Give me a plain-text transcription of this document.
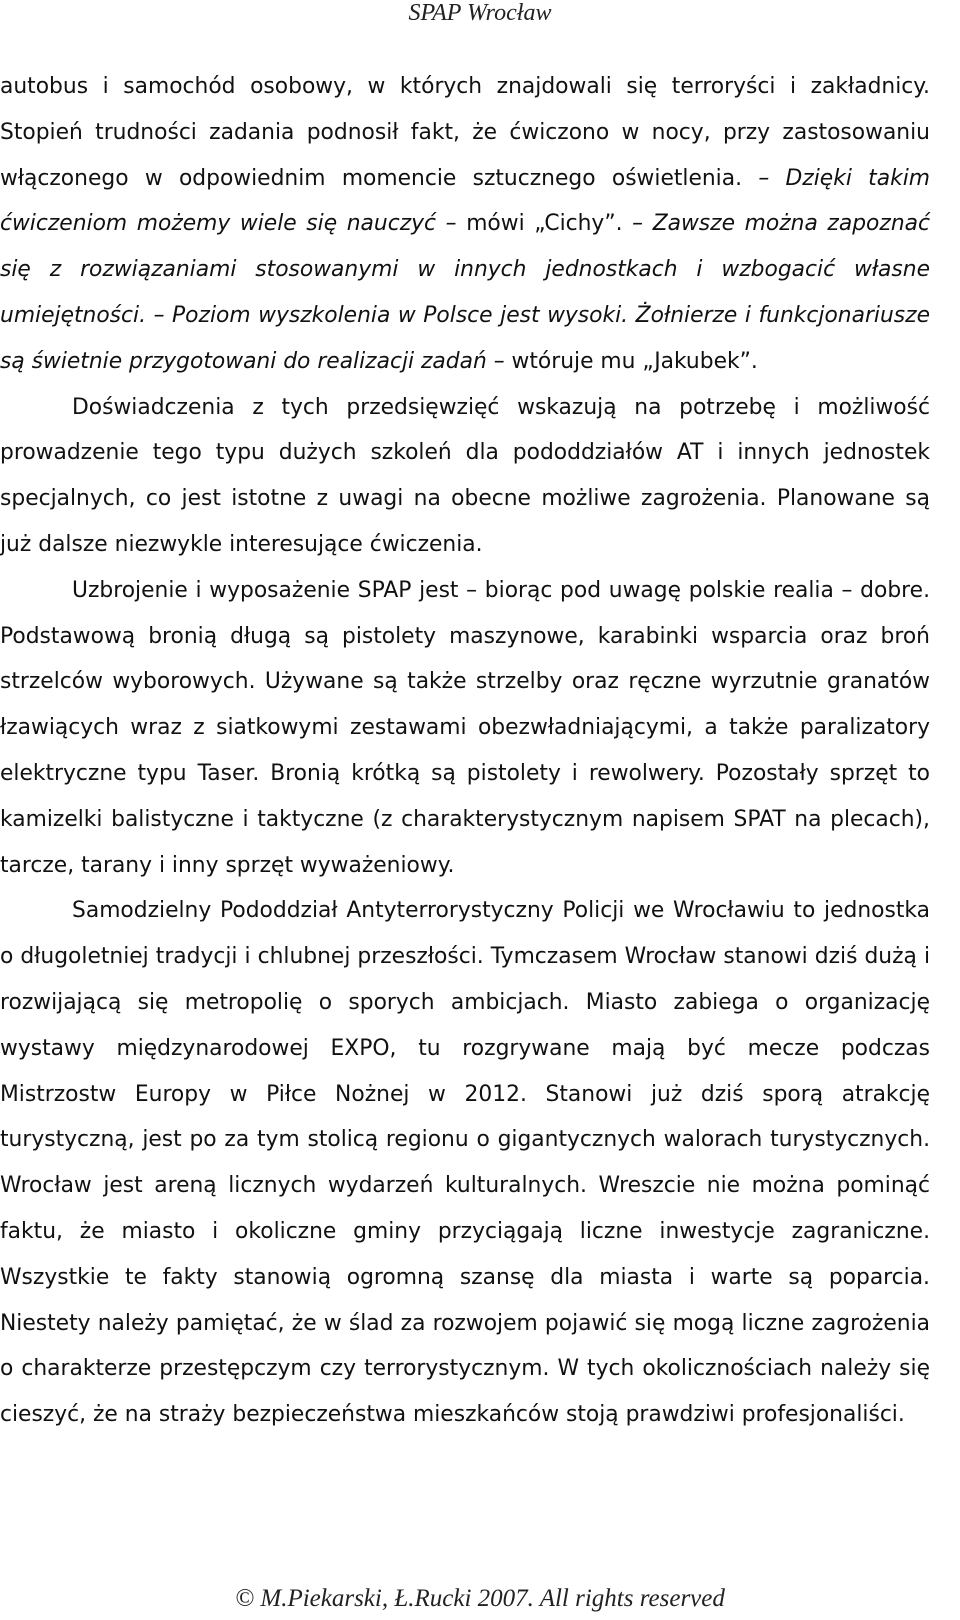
SPAP Wrocław

autobus i samochód osobowy, w których znajdowali się terroryści i zakładnicy. Stopień trudności zadania podnosił fakt, że ćwiczono w nocy, przy zastosowaniu włączonego w odpowiednim momencie sztucznego oświetlenia. – Dzięki takim ćwiczeniom możemy wiele się nauczyć – mówi „Cichy”. – Zawsze można zapoznać się z rozwiązaniami stosowanymi w innych jednostkach i wzbogacić własne umiejętności. – Poziom wyszkolenia w Polsce jest wysoki. Żołnierze i funkcjonariusze są świetnie przygotowani do realizacji zadań – wtóruje mu „Jakubek”.

Doświadczenia z tych przedsięwzięć wskazują na potrzebę i możliwość prowadzenie tego typu dużych szkoleń dla pododdziałów AT i innych jednostek specjalnych, co jest istotne z uwagi na obecne możliwe zagrożenia. Planowane są już dalsze niezwykle interesujące ćwiczenia.

Uzbrojenie i wyposażenie SPAP jest – biorąc pod uwagę polskie realia – dobre. Podstawową bronią długą są pistolety maszynowe, karabinki wsparcia oraz broń strzelców wyborowych. Używane są także strzelby oraz ręczne wyrzutnie granatów łzawiących wraz z siatkowymi zestawami obezwładniającymi, a także paralizatory elektryczne typu Taser. Bronią krótką są pistolety i rewolwery. Pozostały sprzęt to kamizelki balistyczne i taktyczne (z charakterystycznym napisem SPAT na plecach), tarcze, tarany i inny sprzęt wyważeniowy.

Samodzielny Pododdział Antyterrorystyczny Policji we Wrocławiu to jednostka o długoletniej tradycji i chlubnej przeszłości. Tymczasem Wrocław stanowi dziś dużą i rozwijającą się metropolię o sporych ambicjach. Miasto zabiega o organizację wystawy międzynarodowej EXPO, tu rozgrywane mają być mecze podczas Mistrzostw Europy w Piłce Nożnej w 2012. Stanowi już dziś sporą atrakcję turystyczną, jest po za tym stolicą regionu o gigantycznych walorach turystycznych. Wrocław jest areną licznych wydarzeń kulturalnych. Wreszcie nie można pominąć faktu, że miasto i okoliczne gminy przyciągają liczne inwestycje zagraniczne. Wszystkie te fakty stanowią ogromną szansę dla miasta i warte są poparcia. Niestety należy pamiętać, że w ślad za rozwojem pojawić się mogą liczne zagrożenia o charakterze przestępczym czy terrorystycznym. W tych okolicznościach należy się cieszyć, że na straży bezpieczeństwa mieszkańców stoją prawdziwi profesjonaliści.

© M.Piekarski, Ł.Rucki 2007. All rights reserved
